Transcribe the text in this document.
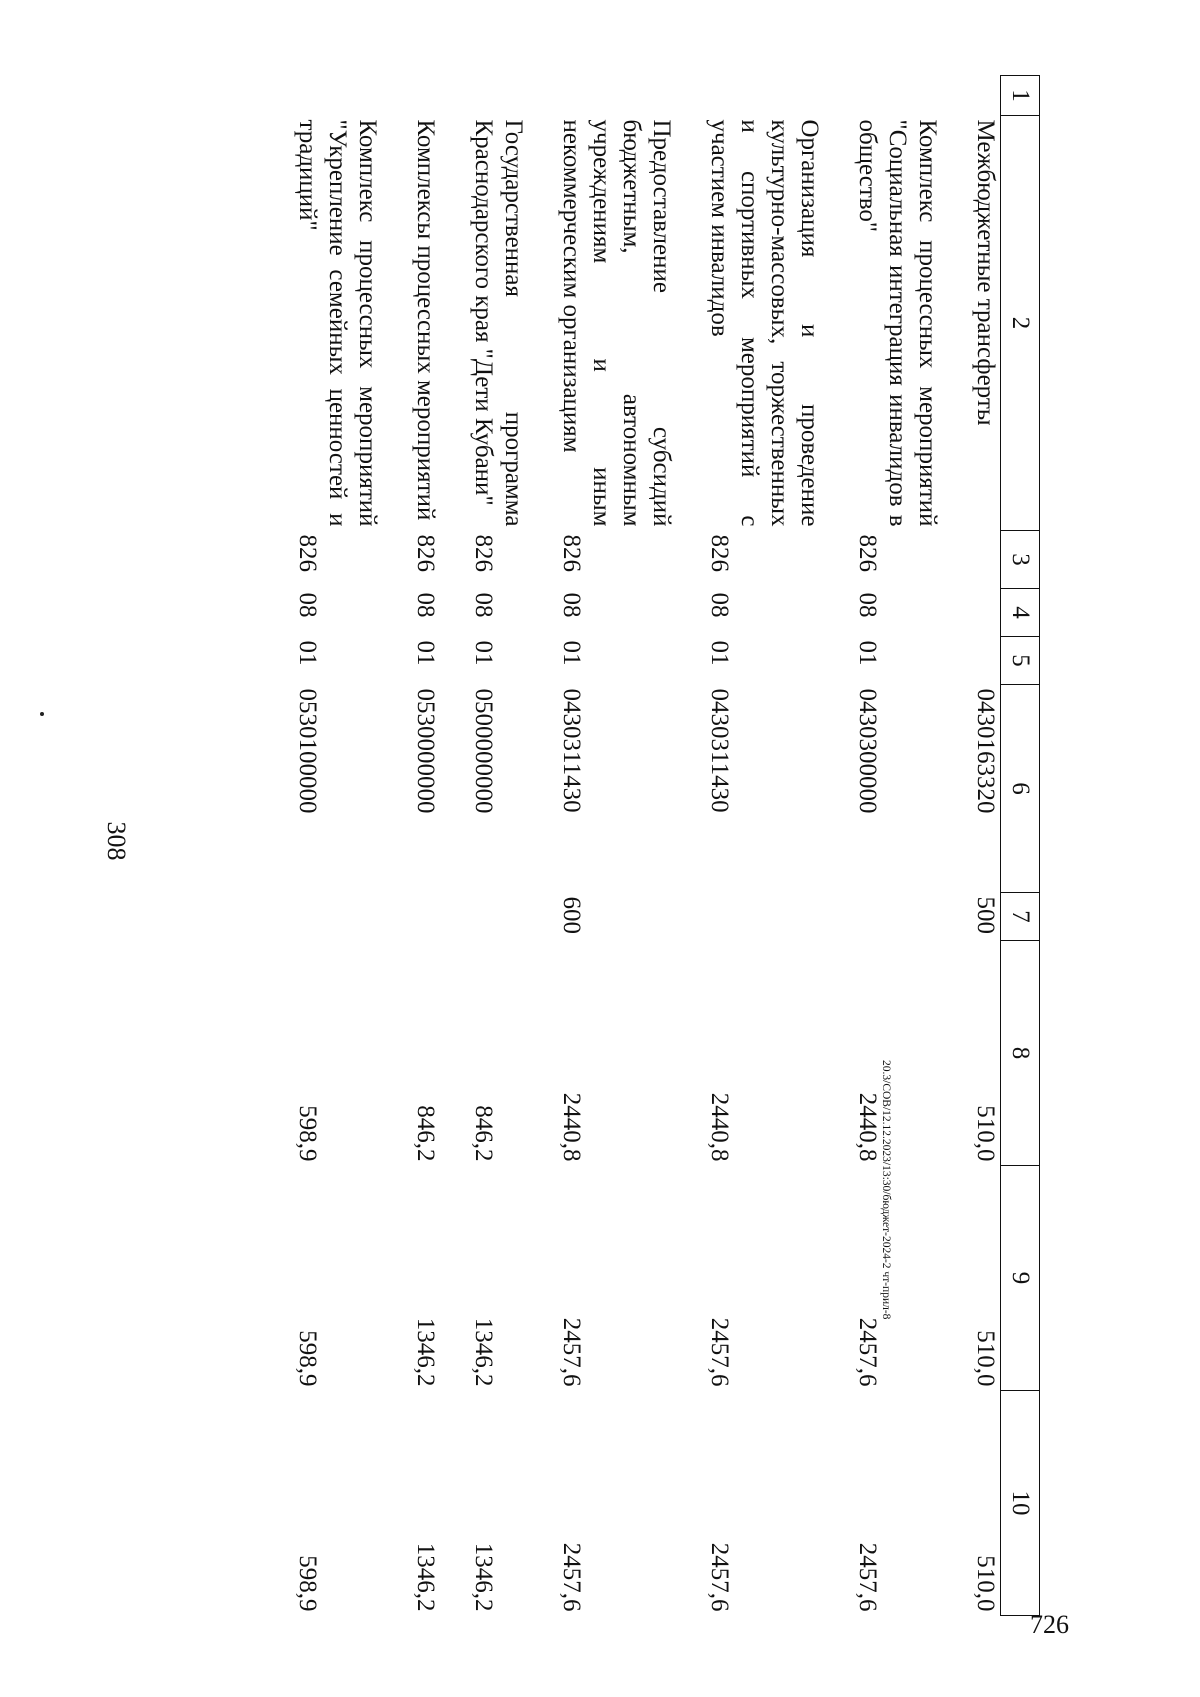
308
1	2	3	4	5	6	7	8	9	10
	Межбюджетные трансферты				0430163320	500	510,0	510,0	510,0

	Комплекс процессных мероприятий "Социальная интеграция инвалидов в общество"	826	08	01	0430300000		2440,8	2457,6	2457,6

	Организация и проведение культурно-массовых, торжественных и спортивных мероприятий с участием инвалидов	826	08	01	0430311430		2440,8	2457,6	2457,6

	Предоставление субсидий бюджетным, автономным учреждениям и иным некоммерческим организациям	826	08	01	0430311430	600	2440,8	2457,6	2457,6

	Государственная программа Краснодарского края "Дети Кубани"	826	08	01	0500000000		846,2	1346,2	1346,2

	Комплексы процессных мероприятий	826	08	01	0530000000		846,2	1346,2	1346,2

	Комплекс процессных мероприятий "Укрепление семейных ценностей и традиций"	826	08	01	0530100000		598,9	598,9	598,9
20.3/СОВ/12.12.2023/13:30/бюджет-2024-2 чт-прил-8
726
